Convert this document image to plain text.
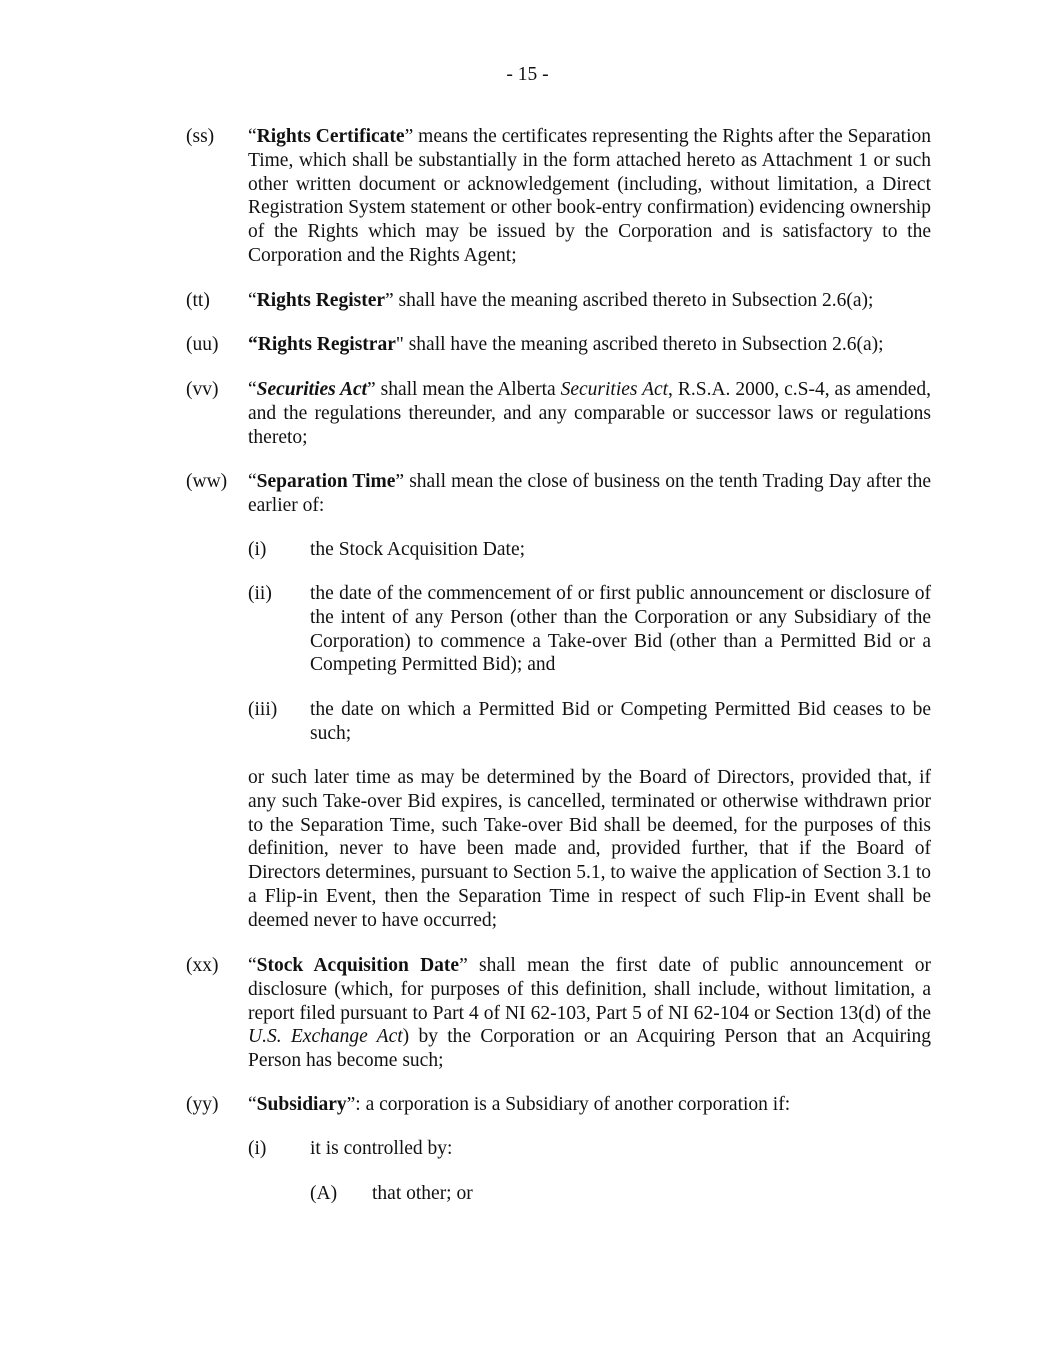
- 15 -
(ss) “Rights Certificate” means the certificates representing the Rights after the Separation Time, which shall be substantially in the form attached hereto as Attachment 1 or such other written document or acknowledgement (including, without limitation, a Direct Registration System statement or other book-entry confirmation) evidencing ownership of the Rights which may be issued by the Corporation and is satisfactory to the Corporation and the Rights Agent;
(tt) “Rights Register” shall have the meaning ascribed thereto in Subsection 2.6(a);
(uu) “Rights Registrar" shall have the meaning ascribed thereto in Subsection 2.6(a);
(vv) “Securities Act” shall mean the Alberta Securities Act, R.S.A. 2000, c.S-4, as amended, and the regulations thereunder, and any comparable or successor laws or regulations thereto;
(ww) “Separation Time” shall mean the close of business on the tenth Trading Day after the earlier of:
(i) the Stock Acquisition Date;
(ii) the date of the commencement of or first public announcement or disclosure of the intent of any Person (other than the Corporation or any Subsidiary of the Corporation) to commence a Take-over Bid (other than a Permitted Bid or a Competing Permitted Bid); and
(iii) the date on which a Permitted Bid or Competing Permitted Bid ceases to be such;
or such later time as may be determined by the Board of Directors, provided that, if any such Take-over Bid expires, is cancelled, terminated or otherwise withdrawn prior to the Separation Time, such Take-over Bid shall be deemed, for the purposes of this definition, never to have been made and, provided further, that if the Board of Directors determines, pursuant to Section 5.1, to waive the application of Section 3.1 to a Flip-in Event, then the Separation Time in respect of such Flip-in Event shall be deemed never to have occurred;
(xx) “Stock Acquisition Date” shall mean the first date of public announcement or disclosure (which, for purposes of this definition, shall include, without limitation, a report filed pursuant to Part 4 of NI 62-103, Part 5 of NI 62-104 or Section 13(d) of the U.S. Exchange Act) by the Corporation or an Acquiring Person that an Acquiring Person has become such;
(yy) “Subsidiary”: a corporation is a Subsidiary of another corporation if:
(i) it is controlled by:
(A) that other; or
